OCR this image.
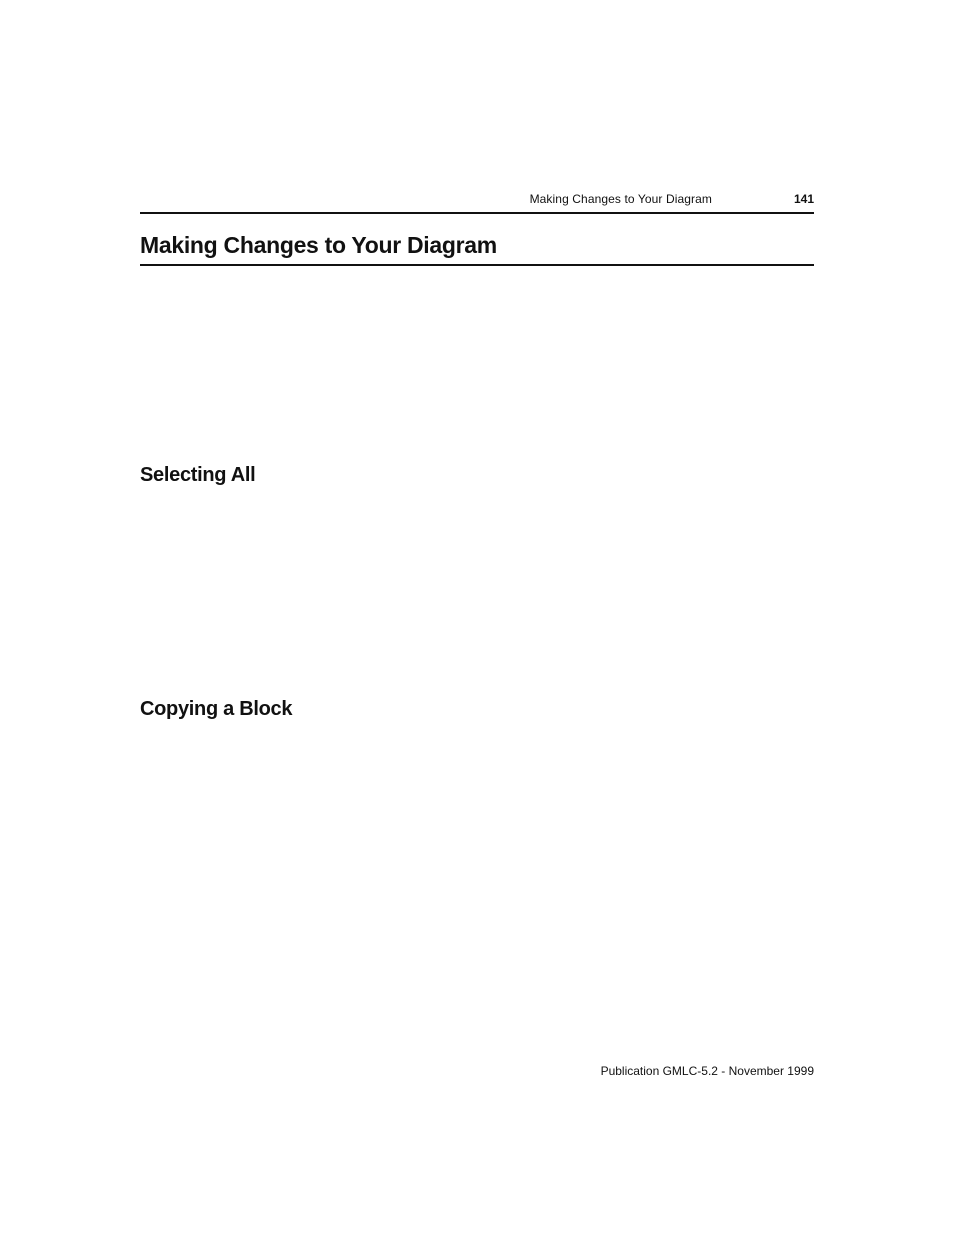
Making Changes to Your Diagram	141
Making Changes to Your Diagram
Selecting All
Copying a Block
Publication GMLC-5.2 - November 1999
